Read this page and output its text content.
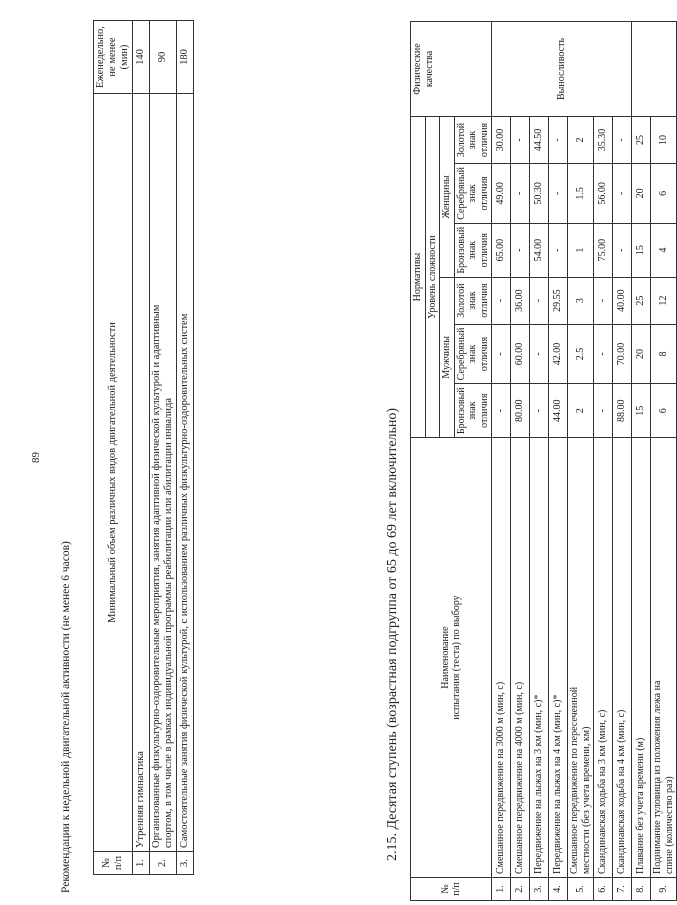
89
Рекомендации к недельной двигательной активности (не менее 6 часов)	№ п/п	Минимальный объем различных видов двигательной деятельности	Еженедельно, не менее (мин)
1.	Утренняя гимнастика	140
2.	Организованные физкультурно-оздоровительные мероприятия, занятия адаптивной физической культурой и адаптивным спортом, в том числе в рамках индивидуальной программы реабилитации или абилитации инвалида	90
3.	Самостоятельные занятия физической культурой, с использованием различных физкультурно-оздоровительных систем	180
2.15. Десятая ступень (возрастная подгруппа от 65 до 69 лет включительно)
№ п/п	Наименование испытания (теста) по выбору	Нормативы						Физические качества
		Уровень сложности						
		Мужчины			Женщины			
		Бронзовый знак отличия	Серебряный знак отличия	Золотой знак отличия	Бронзовый знак отличия	Серебряный знак отличия	Золотой знак отличия	
1.	Смешанное передвижение на 3000 м (мин, с)	-	-	-	65.00	49.00	30.00	Выносливость
2.	Смешанное передвижение на 4000 м (мин, с)	80.00	60.00	36.00	-	-	-	
3.	Передвижение на лыжах на 3 км (мин, с)*	-	-	-	54.00	50.30	44.50	
4.	Передвижение на лыжах на 4 км (мин, с)*	44.00	42.00	29.55	-	-	-	
5.	Смешанное передвижение по пересеченной местности (без учета времени, км)	2	2.5	3	1	1.5	2	
6.	Скандинавская ходьба на 3 км (мин, с)	-	-	-	75.00	56.00	35.30	
7.	Скандинавская ходьба на 4 км (мин, с)	88.00	70.00	40.00	-	-	-	
8.	Плавание без учета времени (м)	15	20	25	15	20	25	
9.	Поднимание туловища из положения лежа на спине (количество раз)	6	8	12	4	6	10	
